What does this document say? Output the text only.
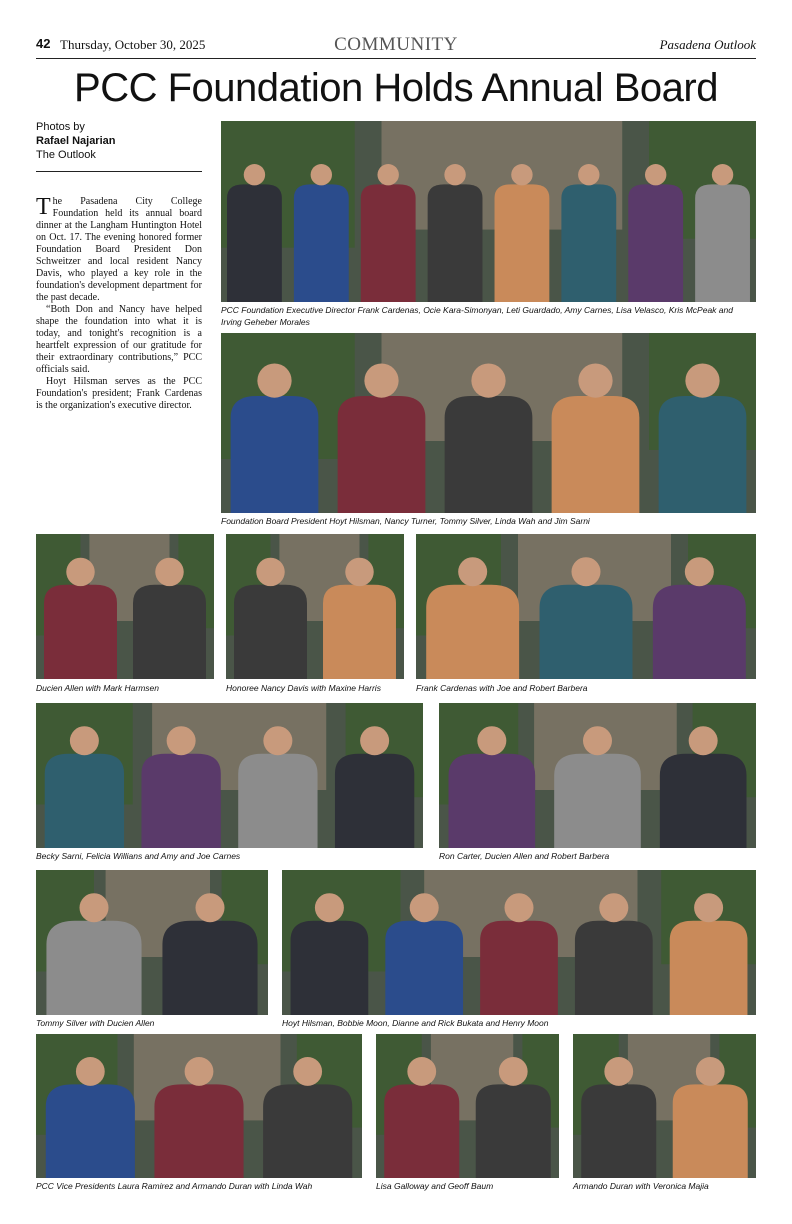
42 Thursday, October 30, 2025	COMMUNITY	Pasadena Outlook
PCC Foundation Holds Annual Board
Photos by
Rafael Najarian
The Outlook

The Pasadena City College Foundation held its annual board dinner at the Langham Huntington Hotel on Oct. 17. The evening honored former Foundation Board President Don Schweitzer and local resident Nancy Davis, who played a key role in the foundation's development department for the past decade.

“Both Don and Nancy have helped shape the foundation into what it is today, and tonight's recognition is a heartfelt expression of our gratitude for their extraordinary contributions,” PCC officials said.

Hoyt Hilsman serves as the PCC Foundation's president; Frank Cardenas is the organization's executive director.

PCC Foundation Executive Director Frank Cardenas, Ocie Kara-Simonyan, Leti Guardado, Amy Carnes, Lisa Velasco, Kris McPeak and Irving Geheber Morales
Foundation Board President Hoyt Hilsman, Nancy Turner, Tommy Silver, Linda Wah and Jim Sarni
Ducien Allen with Mark Harmsen	Honoree Nancy Davis with Maxine Harris	Frank Cardenas with Joe and Robert Barbera
Becky Sarni, Felicia Willians and Amy and Joe Carnes	Ron Carter, Ducien Allen and Robert Barbera
Tommy Silver with Ducien Allen	Hoyt Hilsman, Bobbie Moon, Dianne and Rick Bukata and Henry Moon
PCC Vice Presidents Laura Ramirez and Armando Duran with Linda Wah	Lisa Galloway and Geoff Baum	Armando Duran with Veronica Majia
